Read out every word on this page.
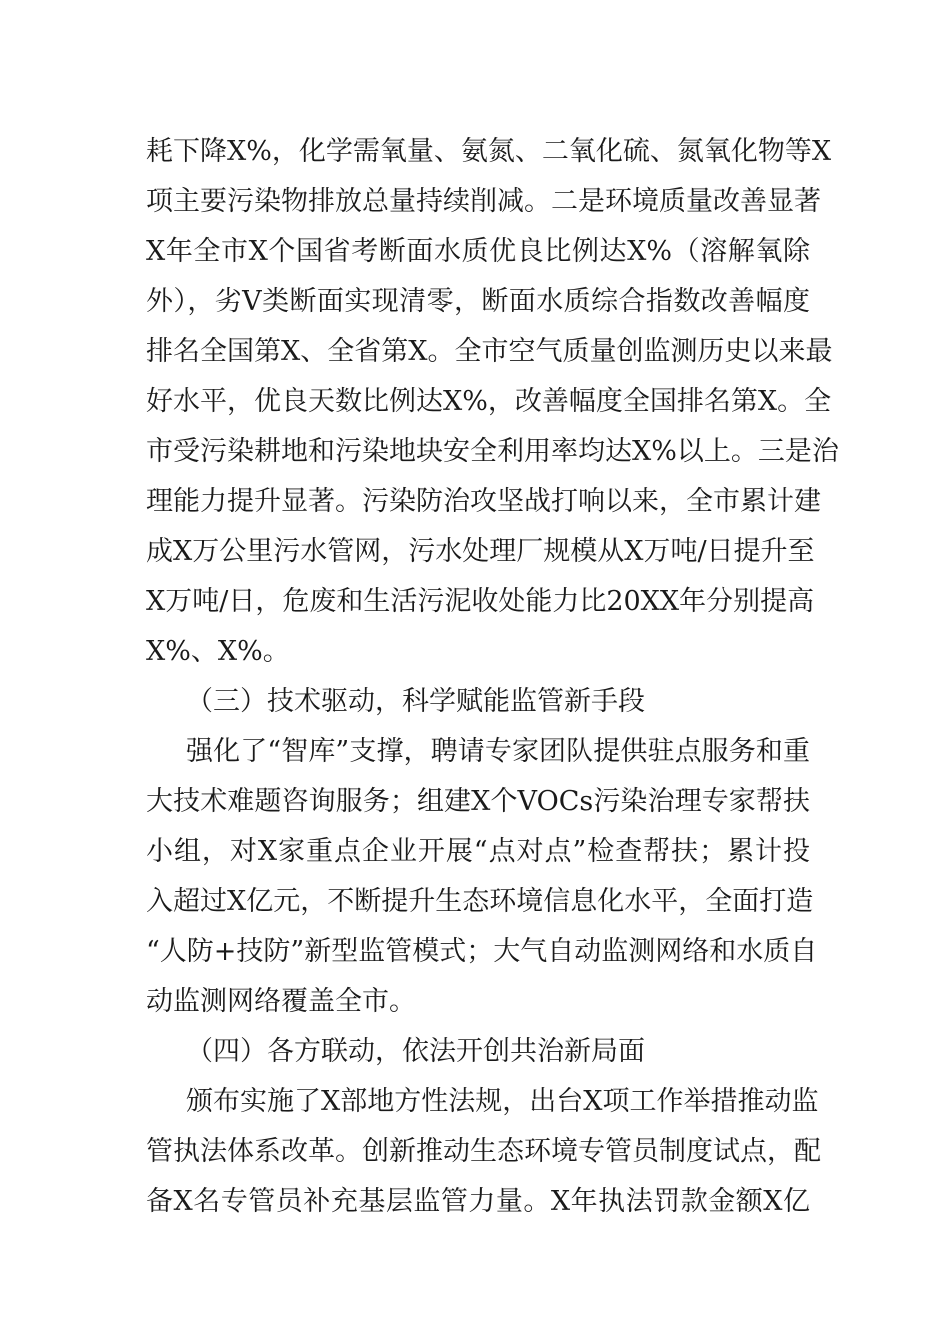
耗下降X%，化学需氧量、氨氮、二氧化硫、氮氧化物等X
项主要污染物排放总量持续削减。二是环境质量改善显著
X年全市X个国省考断面水质优良比例达X%（溶解氧除
外），劣Ⅴ类断面实现清零，断面水质综合指数改善幅度
排名全国第X、全省第X。全市空气质量创监测历史以来最
好水平，优良天数比例达X%，改善幅度全国排名第X。全
市受污染耕地和污染地块安全利用率均达X%以上。三是治
理能力提升显著。污染防治攻坚战打响以来，全市累计建
成X万公里污水管网，污水处理厂规模从X万吨/日提升至
X万吨/日，危废和生活污泥收处能力比20XX年分别提高
X%、X%。
（三）技术驱动，科学赋能监管新手段
强化了“智库”支撑，聘请专家团队提供驻点服务和重
大技术难题咨询服务；组建X个VOCs污染治理专家帮扶
小组，对X家重点企业开展“点对点”检查帮扶；累计投
入超过X亿元，不断提升生态环境信息化水平，全面打造
“人防+技防”新型监管模式；大气自动监测网络和水质自
动监测网络覆盖全市。
（四）各方联动，依法开创共治新局面
颁布实施了X部地方性法规，出台X项工作举措推动监
管执法体系改革。创新推动生态环境专管员制度试点，配
备X名专管员补充基层监管力量。X年执法罚款金额X亿
